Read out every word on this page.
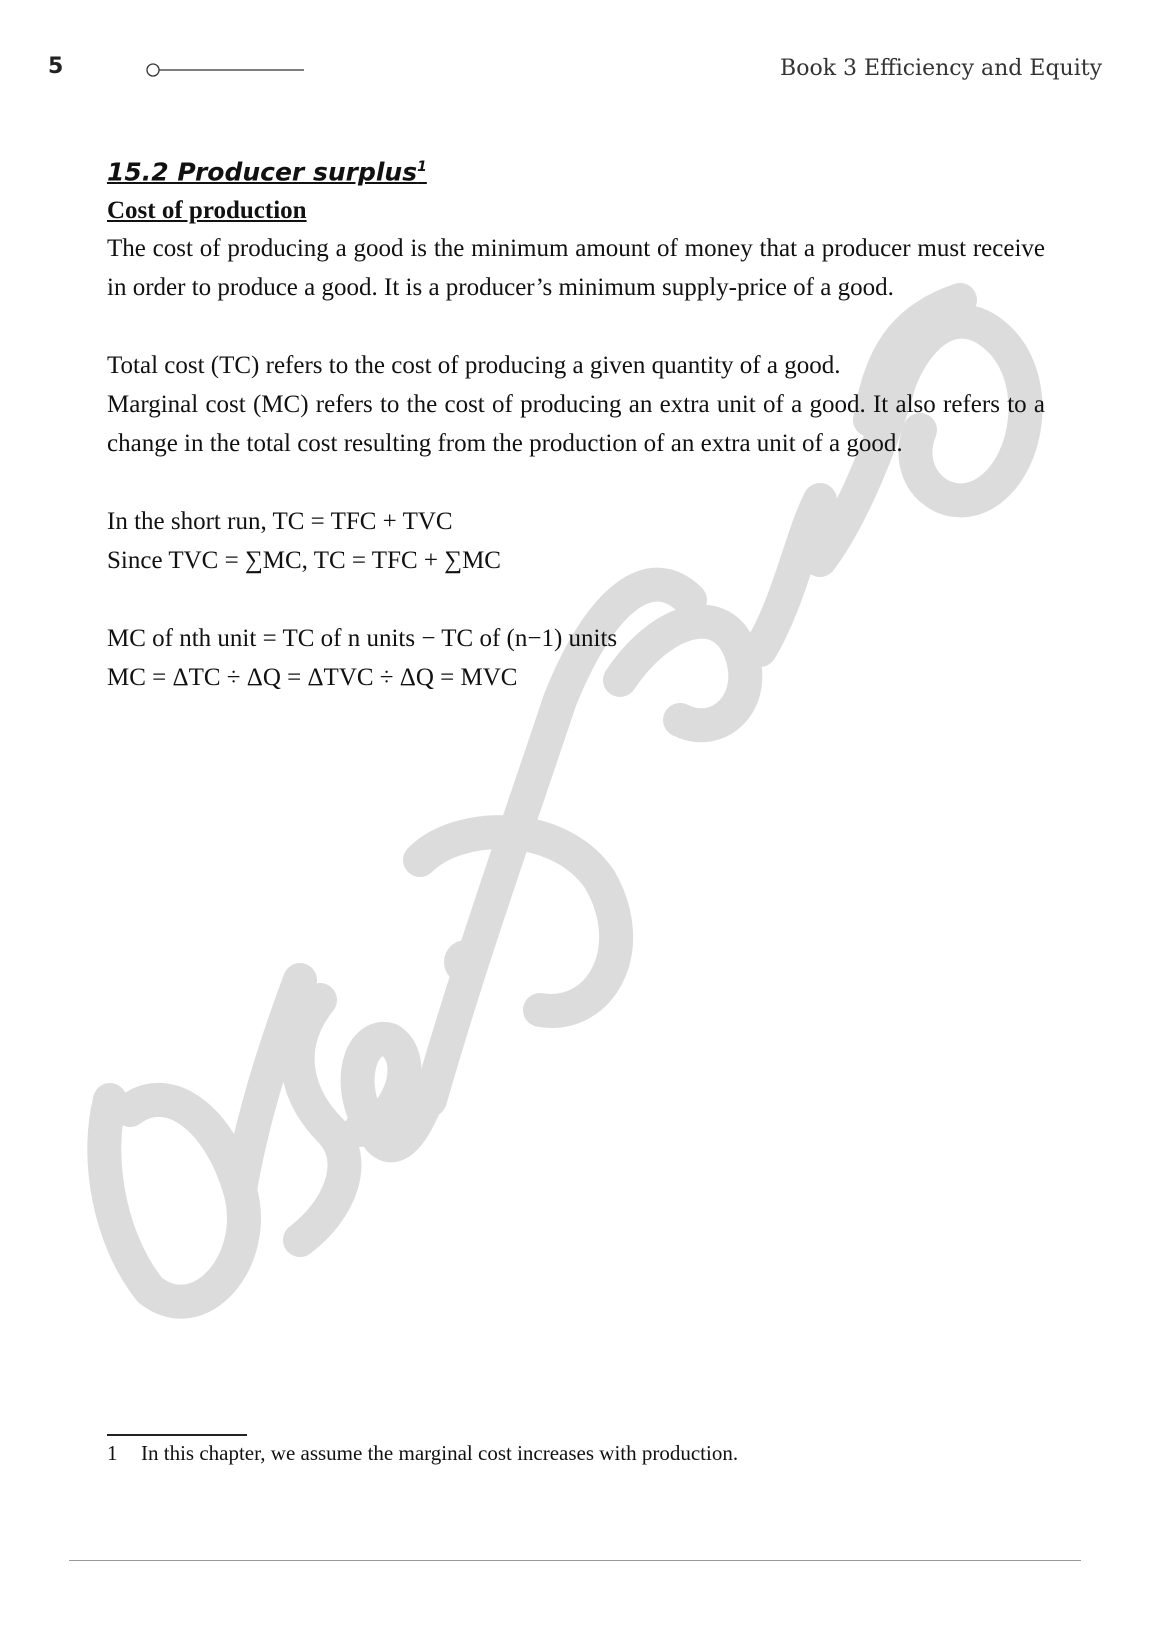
5	Book 3 Efficiency and Equity
15.2 Producer surplus$^1$
Cost of production

The cost of producing a good is the minimum amount of money that a producer must receive in order to produce a good. It is a producer’s minimum supply-price of a good.

Total cost (TC) refers to the cost of producing a given quantity of a good.

Marginal cost (MC) refers to the cost of producing an extra unit of a good. It also refers to a change in the total cost resulting from the production of an extra unit of a good.

In the short run, TC = TFC + TVC

Since TVC = ∑MC, TC = TFC + ∑MC

MC of nth unit = TC of n units − TC of (n−1) units

MC = ΔTC ÷ ΔQ = ΔTVC ÷ ΔQ = MVC

1 In this chapter, we assume the marginal cost increases with production.
